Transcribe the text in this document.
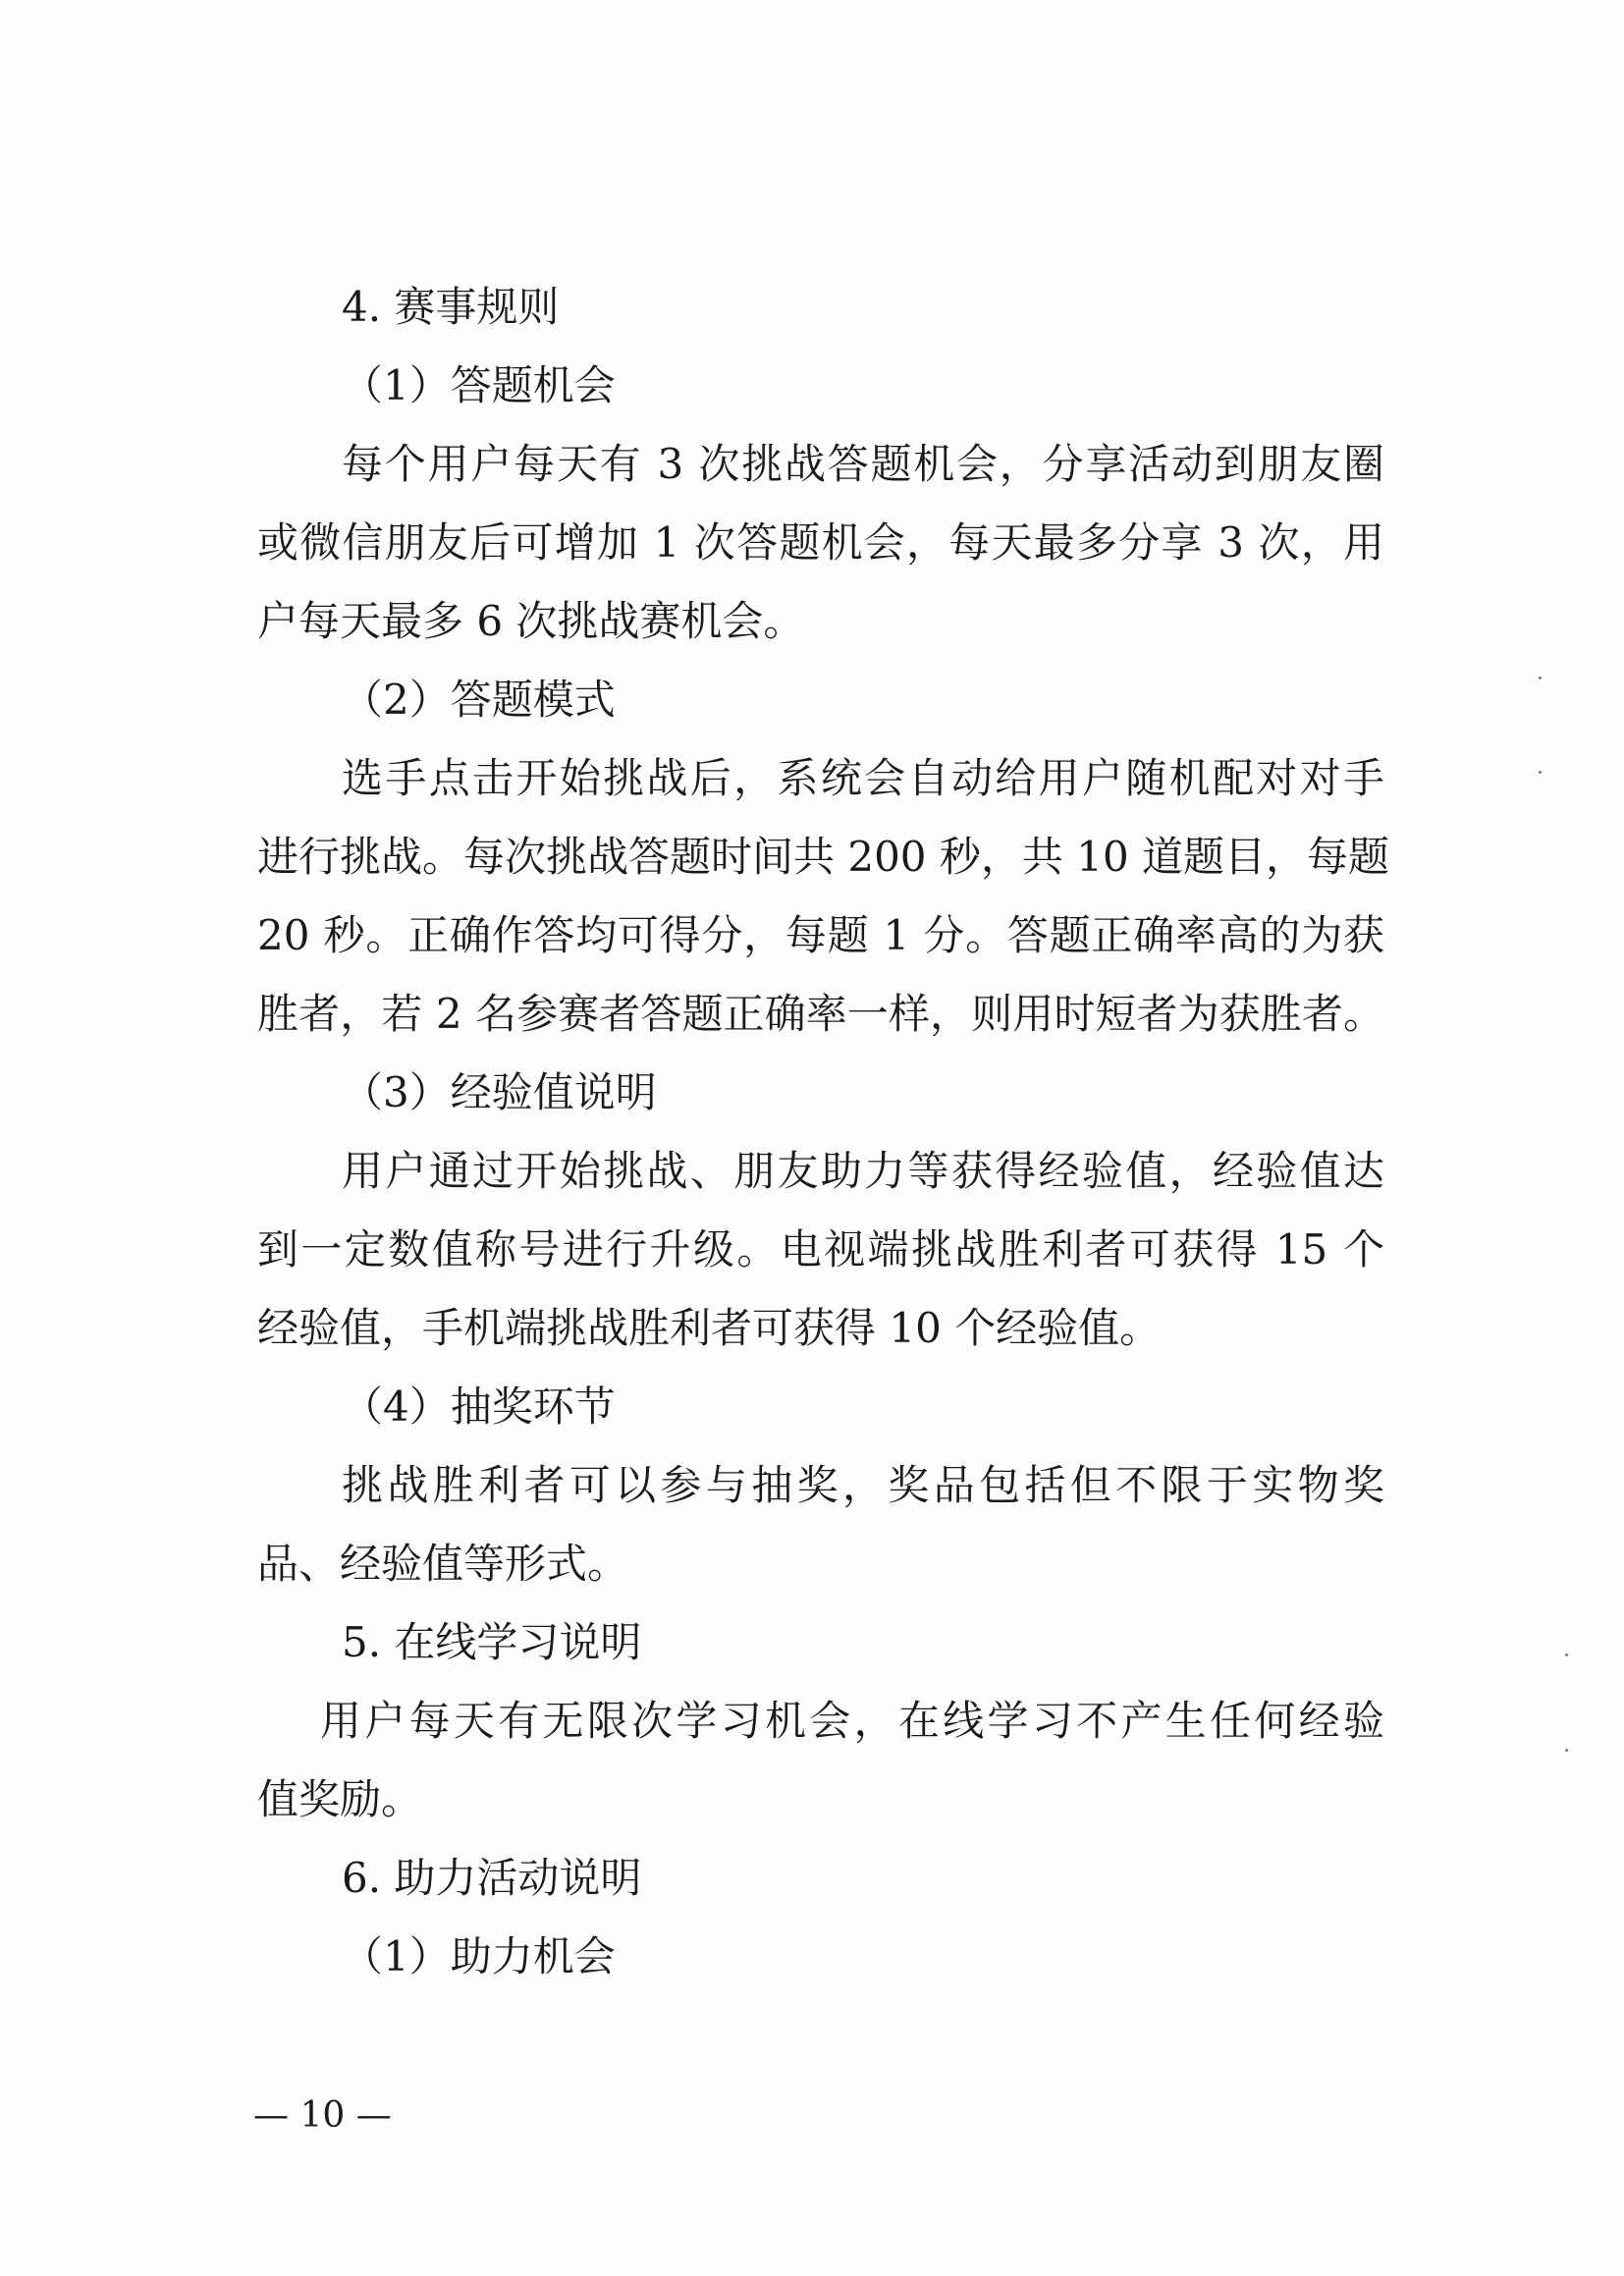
4. 赛事规则
（1）答题机会
每个用户每天有 3 次挑战答题机会，分享活动到朋友圈
或微信朋友后可增加 1 次答题机会，每天最多分享 3 次，用
户每天最多 6 次挑战赛机会。
（2）答题模式
选手点击开始挑战后，系统会自动给用户随机配对对手
进行挑战。每次挑战答题时间共 200 秒，共 10 道题目，每题
20 秒。正确作答均可得分，每题 1 分。答题正确率高的为获
胜者，若 2 名参赛者答题正确率一样，则用时短者为获胜者。
（3）经验值说明
用户通过开始挑战、朋友助力等获得经验值，经验值达
到一定数值称号进行升级。电视端挑战胜利者可获得 15 个
经验值，手机端挑战胜利者可获得 10 个经验值。
（4）抽奖环节
挑战胜利者可以参与抽奖，奖品包括但不限于实物奖
品、经验值等形式。
5. 在线学习说明
用户每天有无限次学习机会，在线学习不产生任何经验
值奖励。
6. 助力活动说明
（1）助力机会
— 10 —
